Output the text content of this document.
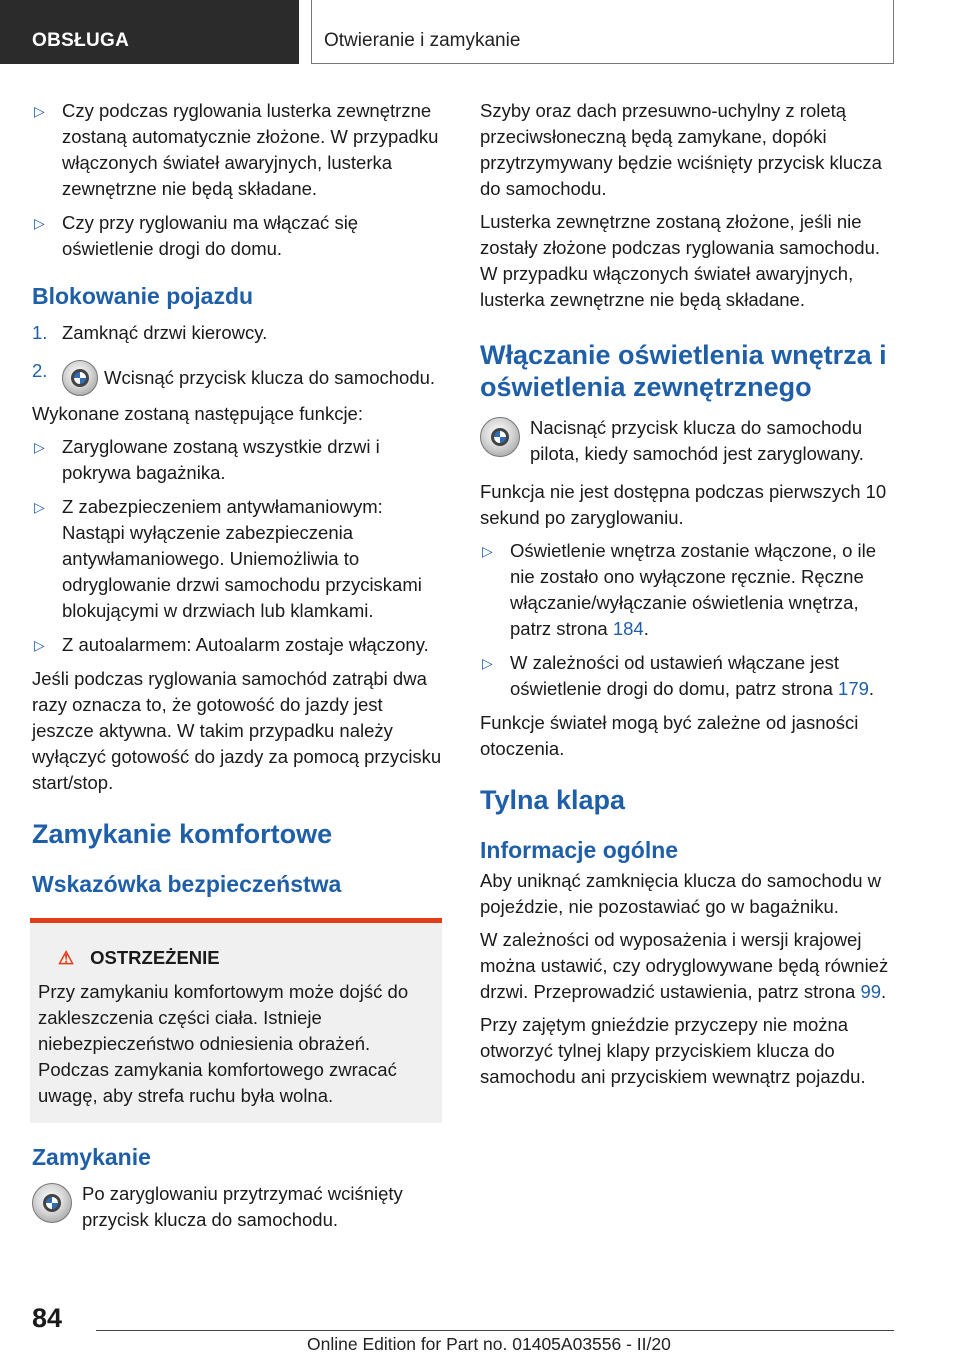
OBSŁUGA	Otwieranie i zamykanie
▷ Czy podczas ryglowania lusterka zewnętrzne zostaną automatycznie złożone. W przypadku włączonych świateł awaryjnych, lusterka zewnętrzne nie będą składane.
▷ Czy przy ryglowaniu ma włączać się oświetlenie drogi do domu.
Blokowanie pojazdu
1. Zamknąć drzwi kierowcy.
2.	Wcisnąć przycisk klucza do samochodu.

Wykonane zostaną następujące funkcje:

▷ Zaryglowane zostaną wszystkie drzwi i pokrywa bagażnika.
▷ Z zabezpieczeniem antywłamaniowym: Nastąpi wyłączenie zabezpieczenia antywłamaniowego. Uniemożliwia to odryglowanie drzwi samochodu przyciskami blokującymi w drzwiach lub klamkami.
▷ Z autoalarmem: Autoalarm zostaje włączony.

Jeśli podczas ryglowania samochód zatrąbi dwa razy oznacza to, że gotowość do jazdy jest jeszcze aktywna. W takim przypadku należy wyłączyć gotowość do jazdy za pomocą przycisku start/stop.

Zamykanie komfortowe
Wskazówka bezpieczeństwa
⚠ OSTRZEŻENIE
Przy zamykaniu komfortowym może dojść do zakleszczenia części ciała. Istnieje niebezpieczeństwo odniesienia obrażeń. Podczas zamykania komfortowego zwracać uwagę, aby strefa ruchu była wolna.
Zamykanie
Po zaryglowaniu przytrzymać wciśnięty przycisk klucza do samochodu.

Szyby oraz dach przesuwno-uchylny z roletą przeciwsłoneczną będą zamykane, dopóki przytrzymywany będzie wciśnięty przycisk klucza do samochodu.

Lusterka zewnętrzne zostaną złożone, jeśli nie zostały złożone podczas ryglowania samochodu. W przypadku włączonych świateł awaryjnych, lusterka zewnętrzne nie będą składane.

Włączanie oświetlenia wnętrza i oświetlenia zewnętrznego
Nacisnąć przycisk klucza do samochodu pilota, kiedy samochód jest zaryglowany.

Funkcja nie jest dostępna podczas pierwszych 10 sekund po zaryglowaniu.

▷ Oświetlenie wnętrza zostanie włączone, o ile nie zostało ono wyłączone ręcznie. Ręczne włączanie/wyłączanie oświetlenia wnętrza, patrz strona 184.
▷ W zależności od ustawień włączane jest oświetlenie drogi do domu, patrz strona 179.

Funkcje świateł mogą być zależne od jasności otoczenia.

Tylna klapa
Informacje ogólne

Aby uniknąć zamknięcia klucza do samochodu w pojeździe, nie pozostawiać go w bagażniku.

W zależności od wyposażenia i wersji krajowej można ustawić, czy odryglowywane będą również drzwi. Przeprowadzić ustawienia, patrz strona 99.

Przy zajętym gnieździe przyczepy nie można otworzyć tylnej klapy przyciskiem klucza do samochodu ani przyciskiem wewnątrz pojazdu.

84
Online Edition for Part no. 01405A03556 - II/20
